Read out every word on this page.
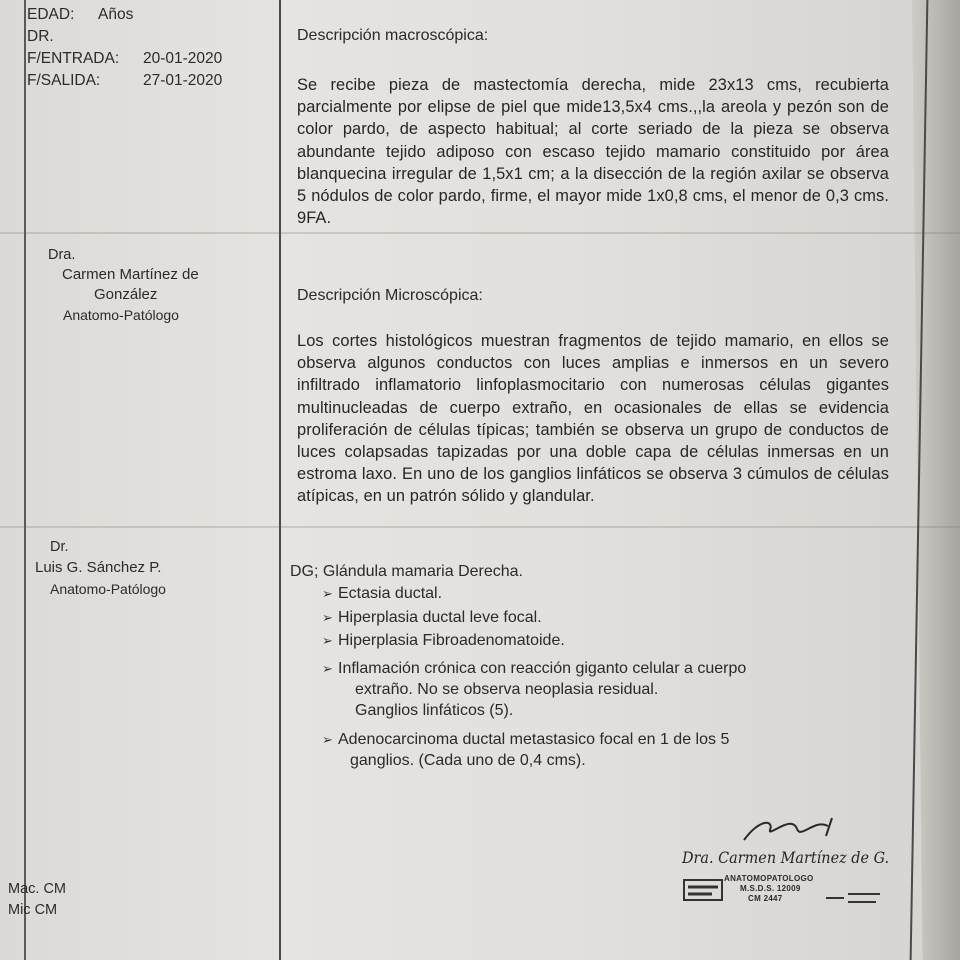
EDAD: Años
DR.
F/ENTRADA: 20-01-2020
F/SALIDA:	27-01-2020
Dra.
Carmen Martínez de
González
Anatomo-Patólogo
Dr.
Luis G. Sánchez P.
Anatomo-Patólogo
Mac. CM
Mic CM
Descripción macroscópica:
Se recibe pieza de mastectomía derecha, mide 23x13 cms, recubierta parcialmente por elipse de piel que mide13,5x4 cms.,,la areola y pezón son de color pardo, de aspecto habitual; al corte seriado de la pieza se observa abundante tejido adiposo con escaso tejido mamario constituido por área blanquecina irregular de 1,5x1 cm; a la disección de la región axilar se observa 5 nódulos de color pardo, firme, el mayor mide 1x0,8 cms, el menor de 0,3 cms. 9FA.
Descripción Microscópica:
Los cortes histológicos muestran fragmentos de tejido mamario, en ellos se observa algunos conductos con luces amplias e inmersos en un severo infiltrado inflamatorio linfoplasmocitario con numerosas células gigantes multinucleadas de cuerpo extraño, en ocasionales de ellas se evidencia proliferación de células típicas; también se observa un grupo de conductos de luces colapsadas tapizadas por una doble capa de células inmersas en un estroma laxo. En uno de los ganglios linfáticos se observa 3 cúmulos de células atípicas, en un patrón sólido y glandular.
DG; Glándula mamaria Derecha.
➢ Ectasia ductal.
➢ Hiperplasia ductal leve focal.
➢ Hiperplasia Fibroadenomatoide.
➢ Inflamación crónica con reacción giganto celular a cuerpo
extraño. No se observa neoplasia residual.
Ganglios linfáticos (5).
➢ Adenocarcinoma ductal metastasico focal en 1 de los 5
ganglios. (Cada uno de 0,4 cms).
Dra. Carmen Martínez de G.
ANATOMOPATOLOGO
M.S.D.S. 12009
CM 2447
